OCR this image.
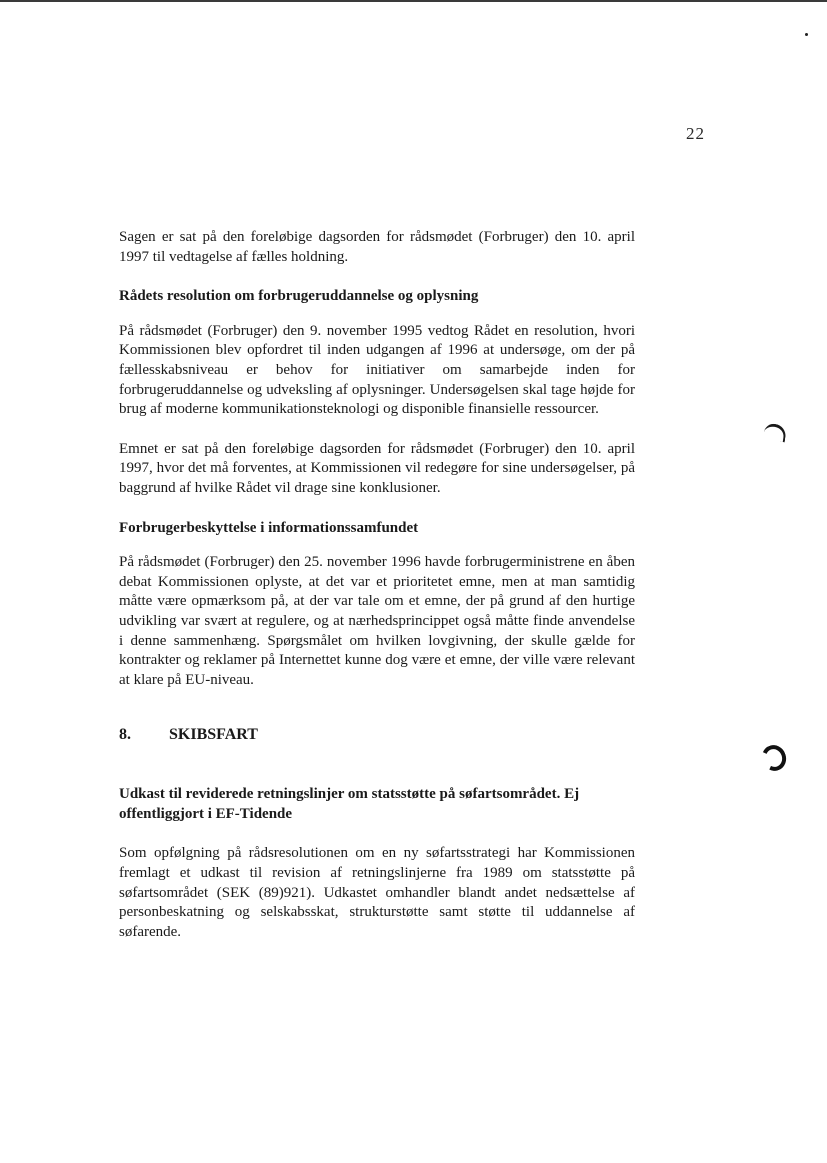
22

Sagen er sat på den foreløbige dagsorden for rådsmødet (Forbruger) den 10. april 1997 til vedtagelse af fælles holdning.

Rådets resolution om forbrugeruddannelse og oplysning

På rådsmødet (Forbruger) den 9. november 1995 vedtog Rådet en resolution, hvori Kommissionen blev opfordret til inden udgangen af 1996 at undersøge, om der på fællesskabsniveau er behov for initiativer om samarbejde inden for forbrugeruddannelse og udveksling af oplysninger. Undersøgelsen skal tage højde for brug af moderne kommunikationsteknologi og disponible finansielle ressourcer.

Emnet er sat på den foreløbige dagsorden for rådsmødet (Forbruger) den 10. april 1997, hvor det må forventes, at Kommissionen vil redegøre for sine undersøgelser, på baggrund af hvilke Rådet vil drage sine konklusioner.

Forbrugerbeskyttelse i informationssamfundet

På rådsmødet (Forbruger) den 25. november 1996 havde forbrugerministrene en åben debat Kommissionen oplyste, at det var et prioritetet emne, men at man samtidig måtte være opmærksom på, at der var tale om et emne, der på grund af den hurtige udvikling var svært at regulere, og at nærhedsprincippet også måtte finde anvendelse i denne sammenhæng. Spørgsmålet om hvilken lovgivning, der skulle gælde for kontrakter og reklamer på Internettet kunne dog være et emne, der ville være relevant at klare på EU-niveau.

8.	SKIBSFART
Udkast til reviderede retningslinjer om statsstøtte på søfartsområdet. Ej offentliggjort i EF-Tidende

Som opfølgning på rådsresolutionen om en ny søfartsstrategi har Kommissionen fremlagt et udkast til revision af retningslinjerne fra 1989 om statsstøtte på søfartsområdet (SEK (89)921). Udkastet omhandler blandt andet nedsættelse af personbeskatning og selskabsskat, strukturstøtte samt støtte til uddannelse af søfarende.
